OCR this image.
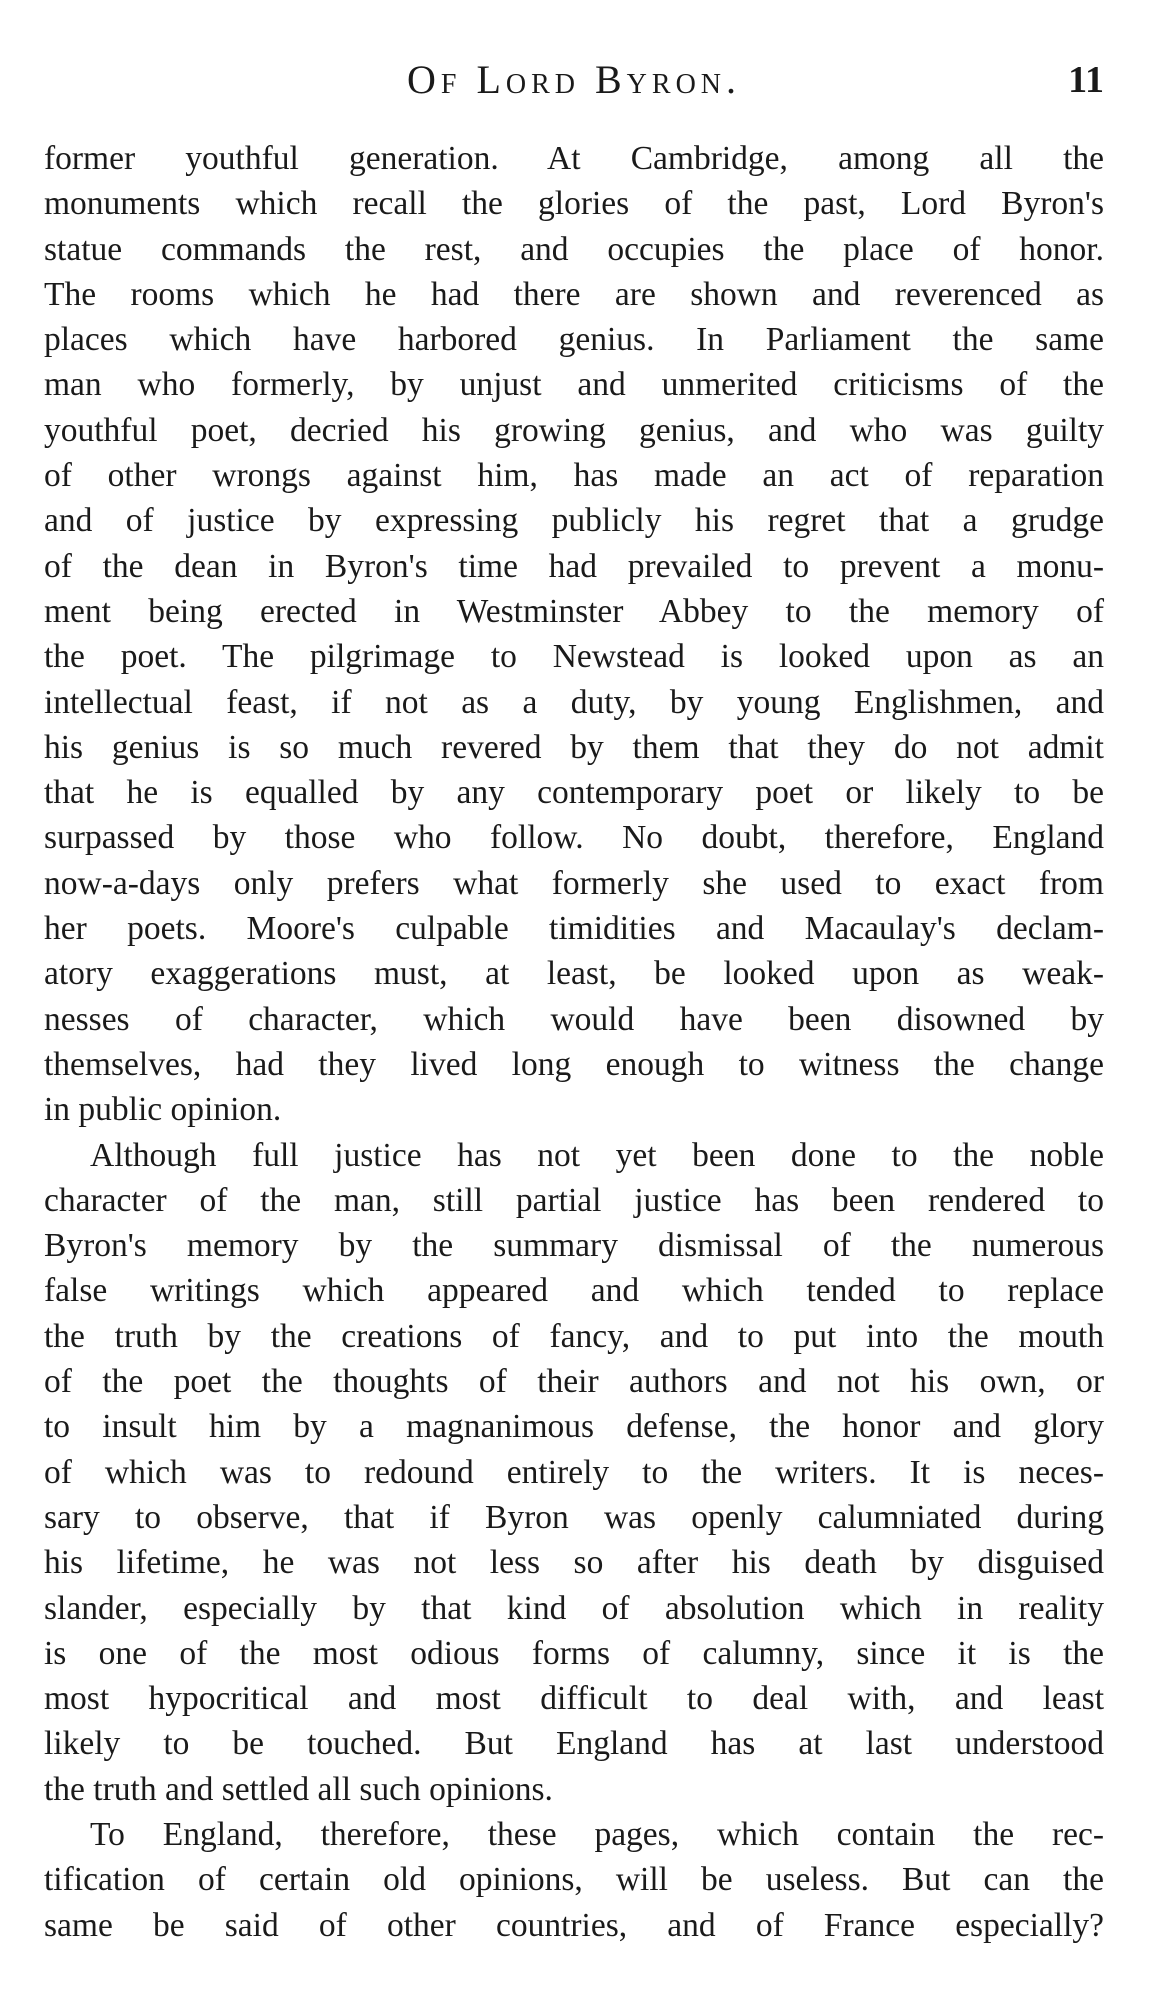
Of Lord Byron.	11
former youthful generation. At Cambridge, among all the
monuments which recall the glories of the past, Lord Byron's
statue commands the rest, and occupies the place of honor.
The rooms which he had there are shown and reverenced as
places which have harbored genius. In Parliament the same
man who formerly, by unjust and unmerited criticisms of the
youthful poet, decried his growing genius, and who was guilty
of other wrongs against him, has made an act of reparation
and of justice by expressing publicly his regret that a grudge
of the dean in Byron's time had prevailed to prevent a monu-
ment being erected in Westminster Abbey to the memory of
the poet. The pilgrimage to Newstead is looked upon as an
intellectual feast, if not as a duty, by young Englishmen, and
his genius is so much revered by them that they do not admit
that he is equalled by any contemporary poet or likely to be
surpassed by those who follow. No doubt, therefore, England
now-a-days only prefers what formerly she used to exact from
her poets. Moore's culpable timidities and Macaulay's declam-
atory exaggerations must, at least, be looked upon as weak-
nesses of character, which would have been disowned by
themselves, had they lived long enough to witness the change
in public opinion.
Although full justice has not yet been done to the noble
character of the man, still partial justice has been rendered to
Byron's memory by the summary dismissal of the numerous
false writings which appeared and which tended to replace
the truth by the creations of fancy, and to put into the mouth
of the poet the thoughts of their authors and not his own, or
to insult him by a magnanimous defense, the honor and glory
of which was to redound entirely to the writers. It is neces-
sary to observe, that if Byron was openly calumniated during
his lifetime, he was not less so after his death by disguised
slander, especially by that kind of absolution which in reality
is one of the most odious forms of calumny, since it is the
most hypocritical and most difficult to deal with, and least
likely to be touched. But England has at last understood
the truth and settled all such opinions.
To England, therefore, these pages, which contain the rec-
tification of certain old opinions, will be useless. But can the
same be said of other countries, and of France especially?
